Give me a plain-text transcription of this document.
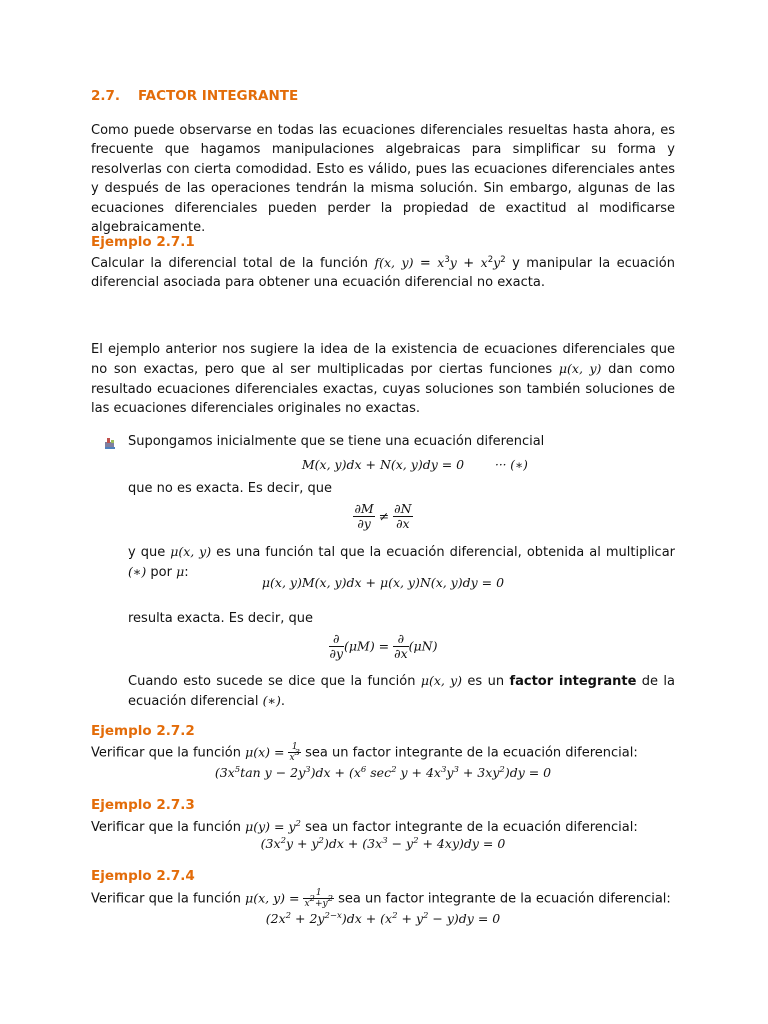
2.7. FACTOR INTEGRANTE

Como puede observarse en todas las ecuaciones diferenciales resueltas hasta ahora, es frecuente que hagamos manipulaciones algebraicas para simplificar su forma y resolverlas con cierta comodidad. Esto es válido, pues las ecuaciones diferenciales antes y después de las operaciones tendrán la misma solución. Sin embargo, algunas de las ecuaciones diferenciales pueden perder la propiedad de exactitud al modificarse algebraicamente.

Ejemplo 2.7.1

Calcular la diferencial total de la función f(x, $y) = x^3y + x^2y^2$ y manipular la ecuación diferencial asociada para obtener una ecuación diferencial no exacta.

El ejemplo anterior nos sugiere la idea de la existencia de ecuaciones diferenciales que no son exactas, pero que al ser multiplicadas por ciertas funciones μ(x, y) dan como resultado ecuaciones diferenciales exactas, cuyas soluciones son también soluciones de las ecuaciones diferenciales originales no exactas.

Supongamos inicialmente que se tiene una ecuación diferencial

M(x, y)dx + N(x, y)dy = 0	··· (∗)

que no es exacta. Es decir, que

$\frac{\partial M}{\partial y} \ne \frac{\partial N}{\partial x}$

y que μ(x, y) es una función tal que la ecuación diferencial, obtenida al multiplicar (∗) por μ:

μ(x, y)M(x, y)dx + μ(x, y)N(x, y)dy = 0

resulta exacta. Es decir, que

$\frac{\partial}{\partial y} (\mu M) = \frac{\partial}{\partial x} (\mu N)$

Cuando esto sucede se dice que la función μ(x, y) es un factor integrante de la ecuación diferencial (∗).

Ejemplo 2.7.2

Verificar que la función $\mu(x) = \frac{1}{x^3}$ sea un factor integrante de la ecuación diferencial:

($3x^5\tan$ $y - 2y^3)dx + (x^6$ $\sec^2 y + 4x^3y^3 + 3xy^2)dy = 0$

Ejemplo 2.7.3

Verificar que la función $\mu(y) = y^2$ sea un factor integrante de la ecuación diferencial:

$(3x^2y + y^2)dx + (3x^3 - y^2 + 4xy)dy = 0$

Ejemplo 2.7.4

Verificar que la función μ(x, $y) = \frac{1}{x^2+y^2}$ sea un factor integrante de la ecuación diferencial:

$(2x^2 + 2y^{2-x})dx + (x^2 + y^2 - y)dy = 0$
